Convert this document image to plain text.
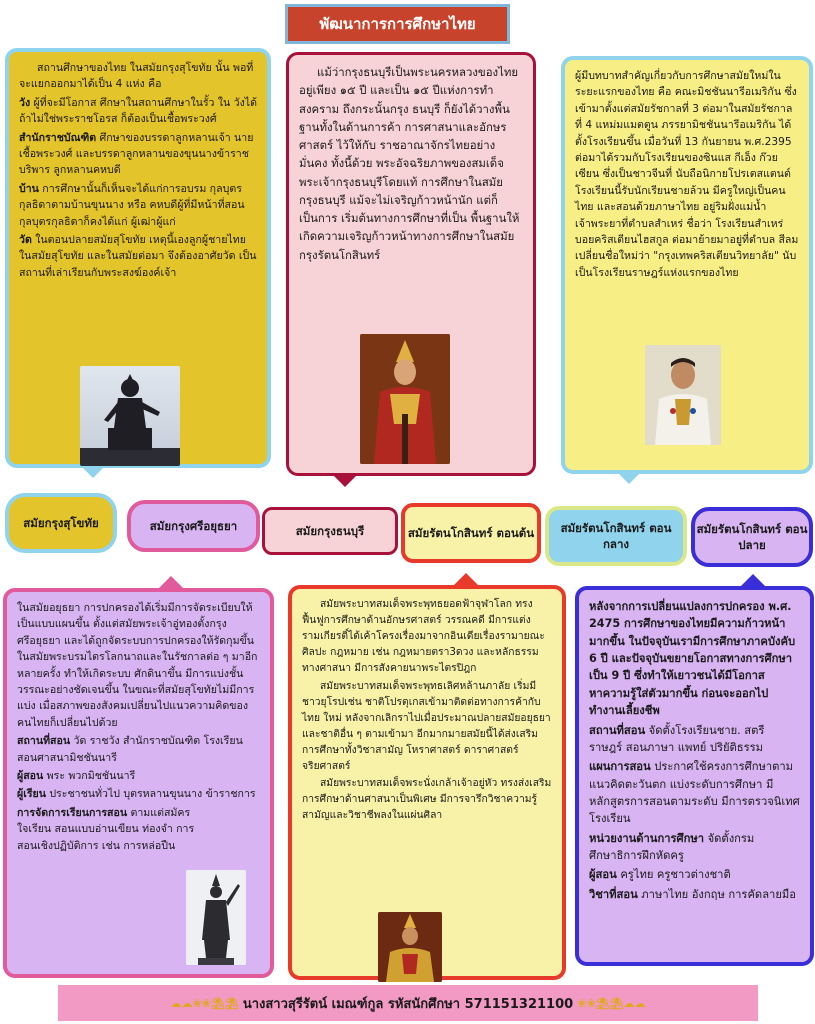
พัฒนาการการศึกษาไทย

สถานศึกษาของไทย ในสมัยกรุงสุโขทัย นั้น พอที่จะแยกออกมาได้เป็น 4 แห่ง คือ

วัง ผู้ที่จะมีโอกาส ศึกษาในสถานศึกษาในรั้ว ใน วังได้ ถ้าไม่ใช่พระราชโอรส ก็ต้องเป็นเชื้อพระวงศ์

สำนักราชบัณฑิต ศึกษาของบรรดาลูกหลานเจ้า นายเชื้อพระวงศ์ และบรรดาลูกหลานของขุนนางข้าราชบริพาร ลูกหลานคหบดี

บ้าน การศึกษานั้นก็เห็นจะได้แก่การอบรม กุลบุตรกุลธิดาตามบ้านขุนนาง หรือ คหบดีผู้ที่มีหน้าที่สอนกุลบุตรกุลธิดาก็คงได้แก่ ผู้เฒ่าผู้แก่

วัด ในตอนปลายสมัยสุโขทัย เหตุนี้เองลูกผู้ชายไทยในสมัยสุโขทัย และในสมัยต่อมา จึงต้องอาศัยวัด เป็นสถานที่เล่าเรียนกับพระสงฆ์องค์เจ้า

แม้ว่ากรุงธนบุรีเป็นพระนครหลวงของไทยอยู่เพียง ๑๕ ปี และเป็น ๑๕ ปีแห่งการทำสงคราม ถึงกระนั้นกรุง ธนบุรี ก็ยังได้วางพื้นฐานทั้งในด้านการค้า การศาสนาและอักษรศาสตร์ ไว้ให้กับ ราชอาณาจักรไทยอย่างมั่นคง ทั้งนี้ด้วย พระอัจฉริยภาพของสมเด็จพระเจ้ากรุงธนบุรีโดยแท้ การศึกษาในสมัยกรุงธนบุรี แม้จะไม่เจริญก้าวหน้านัก แต่ก็เป็นการ เริ่มต้นทางการศึกษาที่เป็น พื้นฐานให้เกิดความเจริญก้าวหน้าทางการศึกษาในสมัยกรุงรัตนโกสินทร์

ผู้มีบทบาทสำคัญเกี่ยวกับการศึกษาสมัยใหม่ในระยะแรกของไทย คือ คณะมิชชันนารีอเมริกัน ซึ่งเข้ามาตั้งแต่สมัยรัชกาลที่ 3 ต่อมาในสมัยรัชกาลที่ 4 แหม่มแมตตูน ภรรยามิชชันนารีอเมริกัน ได้ตั้งโรงเรียนขึ้น เมื่อวันที่ 13 กันยายน พ.ศ.2395 ต่อมาได้รวมกับโรงเรียนของซินแส กีเอ็ง ก๊วยเซียน ซึ่งเป็นชาวจีนที่ นับถือนิกายโปรเตสแตนต์ โรงเรียนนี้รับนักเรียนชายล้วน มีครูใหญ่เป็นคนไทย และสอนด้วยภาษาไทย อยู่ริมฝั่งแม่น้ำเจ้าพระยาที่ตำบลสำเหร่ ชื่อว่า โรงเรียนสำเหร่บอยคริสเตียนไฮสกูล ต่อมาย้ายมาอยู่ที่ตำบล สีลม เปลี่ยนชื่อใหม่ว่า "กรุงเทพคริสเตียนวิทยาลัย" นับเป็นโรงเรียนราษฎร์แห่งแรกของไทย

สมัยกรุงสุโขทัย	สมัยกรุงศรีอยุธยา	สมัยกรุงธนบุรี	สมัยรัตนโกสินทร์ ตอนต้น	สมัยรัตนโกสินทร์ ตอนกลาง
สมัยรัตนโกสินทร์ ตอนปลาย

ในสมัยอยุธยา การปกครองได้เริ่มมีการจัดระเบียบให้เป็นแบบแผนขึ้น ตั้งแต่สมัยพระเจ้าอู่ทองตั้งกรุงศรีอยุธยา และได้ถูกจัดระบบการปกครองให้รัดกุมขึ้น ในสมัยพระบรมไตรโลกนาถและในรัชกาลต่อ ๆ มาอีกหลายครั้ง ทำให้เกิดระบบ ศักดินาขึ้น มีการแบ่งชั้นวรรณะอย่างชัดเจนขึ้น ในขณะที่สมัยสุโขทัยไม่มีการแบ่ง เมื่อสภาพของสังคมเปลี่ยนไปแนวความคิดของคนไทยก็เปลี่ยนไปด้วย

สถานที่สอน วัด ราชวัง สำนักราชบัณฑิต โรงเรียนสอนศาสนามิชชันนารี

ผู้สอน พระ พวกมิชชันนารี

ผู้เรียน ประชาชนทั่วไป บุตรหลานขุนนาง ข้าราชการ

การจัดการเรียนการสอน ตามแต่สมัครใจเรียน สอนแบบอ่านเขียน ท่องจำ การสอนเชิงปฏิบัติการ เช่น การหล่อปืน

สมัยพระบาทสมเด็จพระพุทธยอดฟ้าจุฬาโลก ทรงฟื้นฟูการศึกษาด้านอักษรศาสตร์ วรรณคดี มีการแต่งรามเกียรติ์ได้เค้าโครงเรื่องมาจากอินเดียเรื่องรามายณะ ศิลปะ กฎหมาย เช่น กฎหมายตรา3ดวง และหลักธรรมทางศาสนา มีการสังคายนาพระไตรปิฎก

สมัยพระบาทสมเด็จพระพุทธเลิศหล้านภาลัย เริ่มมีชาวยุโรปเช่น ชาติโปรตุเกสเข้ามาติดต่อทางการค้ากับไทย ใหม่ หลังจากเลิกราไปเมื่อประมาณปลายสมัยอยุธยา และชาติอื่น ๆ ตามเข้ามา อีกมากมายสมัยนี้ได้ส่งเสริมการศึกษาทั้งวิชาสามัญ โหราศาสตร์ ดาราศาสตร์ จริยศาสตร์

สมัยพระบาทสมเด็จพระนั่งเกล้าเจ้าอยู่หัว ทรงส่งเสริมการศึกษาด้านศาสนาเป็นพิเศษ มีการจารึกวิชาความรู้สามัญและวิชาชีพลงในแผ่นศิลา

หลังจากการเปลี่ยนแปลงการปกครอง พ.ศ. 2475 การศึกษาของไทยมีความก้าวหน้ามากขึ้น ในปัจจุบันเรามีการศึกษาภาคบังคับ 6 ปี และปัจจุบันขยายโอกาสทางการศึกษาเป็น 9 ปี ซึ่งทำให้เยาวชนได้มีโอกาสหาความรู้ใส่ตัวมากขึ้น ก่อนจะออกไปทำงานเลี้ยงชีพ

สถานที่สอน จัดตั้งโรงเรียนชาย. สตรี ราษฎร์ สอนภาษา แพทย์ ปริยัติธรรม

แผนการสอน ประกาศใช้ครงการศึกษาตามแนวคิดตะวันตก แบ่งระดับการศึกษา มีหลักสูตรการสอนตามระดับ มีการตรวจนิเทศโรงเรียน

หน่วยงานด้านการศึกษา จัดตั้งกรมศึกษาธิการฝึกหัดครู

ผู้สอน ครูไทย ครูชาวต่างชาติ

วิชาที่สอน ภาษาไทย อังกฤษ การคัดลายมือ

☁☁❀❀⛱⛱ นางสาวสุรีรัตน์ เมณฑ์กูล รหัสนักศึกษา 571151321100 ❀❀⛱⛱☁☁
